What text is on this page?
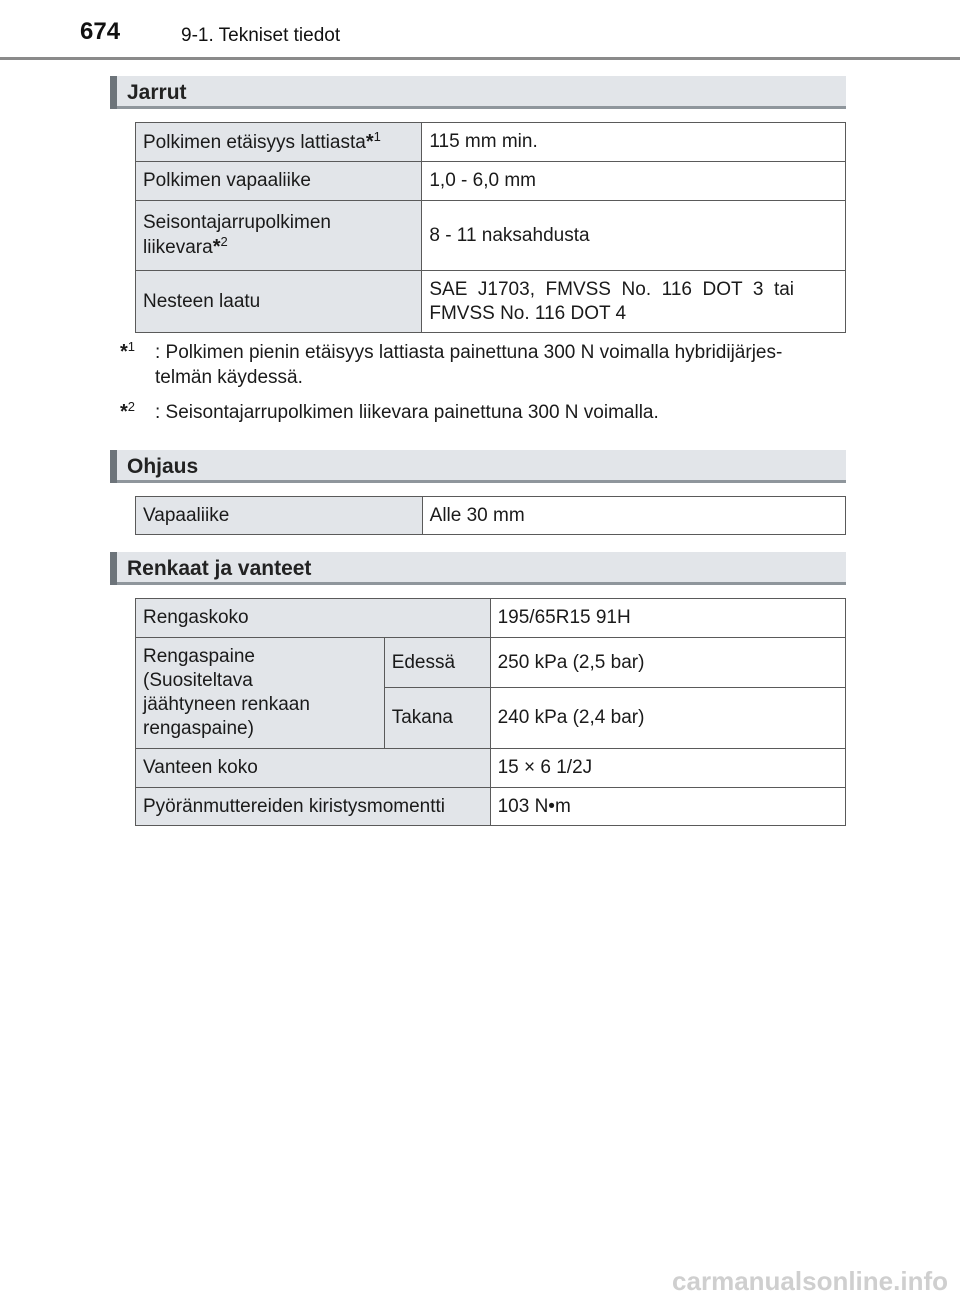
674	9-1. Tekniset tiedot
Jarrut
Polkimen etäisyys lattiasta*$^1$	115 mm min.
Polkimen vapaaliike	1,0 - 6,0 mm
Seisontajarrupolkimen
liikevara*$^2$	8 - 11 naksahdusta
Nesteen laatu	SAE  J1703,  FMVSS  No.  116  DOT  3  tai
FMVSS No. 116 DOT 4
*$^1$ : Polkimen pienin etäisyys lattiasta painettuna 300 N voimalla hybridijärjes-
telmän käydessä.
*$^2$ : Seisontajarrupolkimen liikevara painettuna 300 N voimalla.
Ohjaus
Vapaaliike	Alle 30 mm
Renkaat ja vanteet
Rengaskoko		195/65R15 91H
Rengaspaine
(Suositeltava
jäähtyneen renkaan
rengaspaine)	Edessä	250 kPa (2,5 bar)
	Takana	240 kPa (2,4 bar)
Vanteen koko		15 × 6 1/2J
Pyöränmuttereiden kiristysmomentti		103 N•m
carmanualsonline.info
